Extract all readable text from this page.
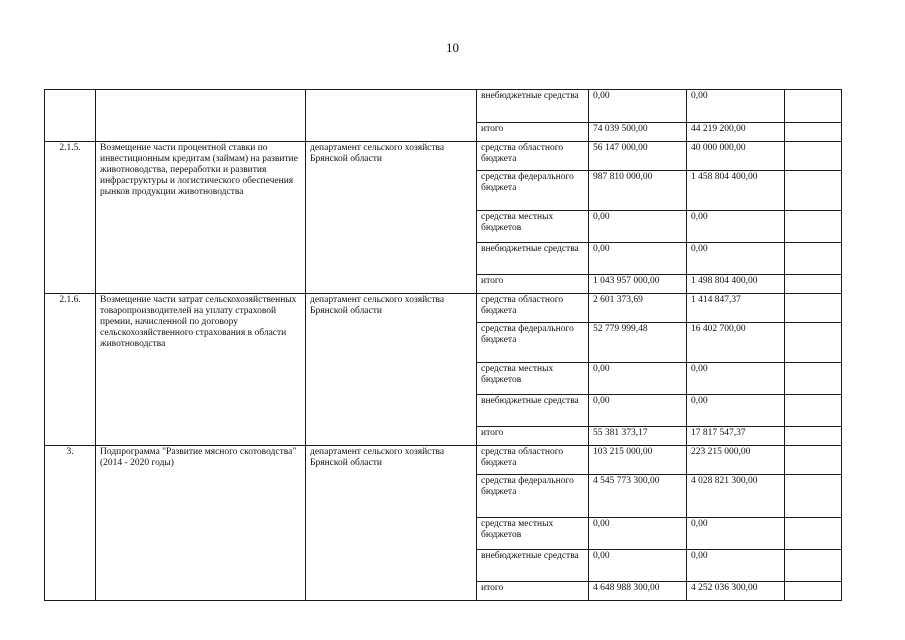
10
			внебюджетные средства	0,00	0,00	
			итого	74 039 500,00	44 219 200,00	
2.1.5.	Возмещение части процентной ставки по инвестиционным кредитам (займам) на развитие животноводства, переработки и развития инфраструктуры и логистического обеспечения рынков продукции животноводства	департамент сельского хозяйства Брянской области	средства областного бюджета	56 147 000,00	40 000 000,00	
			средства федерального бюджета	987 810 000,00	1 458 804 400,00	
			средства местных бюджетов	0,00	0,00	
			внебюджетные средства	0,00	0,00	
			итого	1 043 957 000,00	1 498 804 400,00	
2.1.6.	Возмещение части затрат сельскохозяйственных товаропроизводителей на уплату страховой премии, начисленной по договору сельскохозяйственного страхования в области животноводства	департамент сельского хозяйства Брянской области	средства областного бюджета	2 601 373,69	1 414 847,37	
			средства федерального бюджета	52 779 999,48	16 402 700,00	
			средства местных бюджетов	0,00	0,00	
			внебюджетные средства	0,00	0,00	
			итого	55 381 373,17	17 817 547,37	
3.	Подпрограмма "Развитие мясного скотоводства" (2014 - 2020 годы)	департамент сельского хозяйства Брянской области	средства областного бюджета	103 215 000,00	223 215 000,00	
			средства федерального бюджета	4 545 773 300,00	4 028 821 300,00	
			средства местных бюджетов	0,00	0,00	
			внебюджетные средства	0,00	0,00	
			итого	4 648 988 300,00	4 252 036 300,00	
